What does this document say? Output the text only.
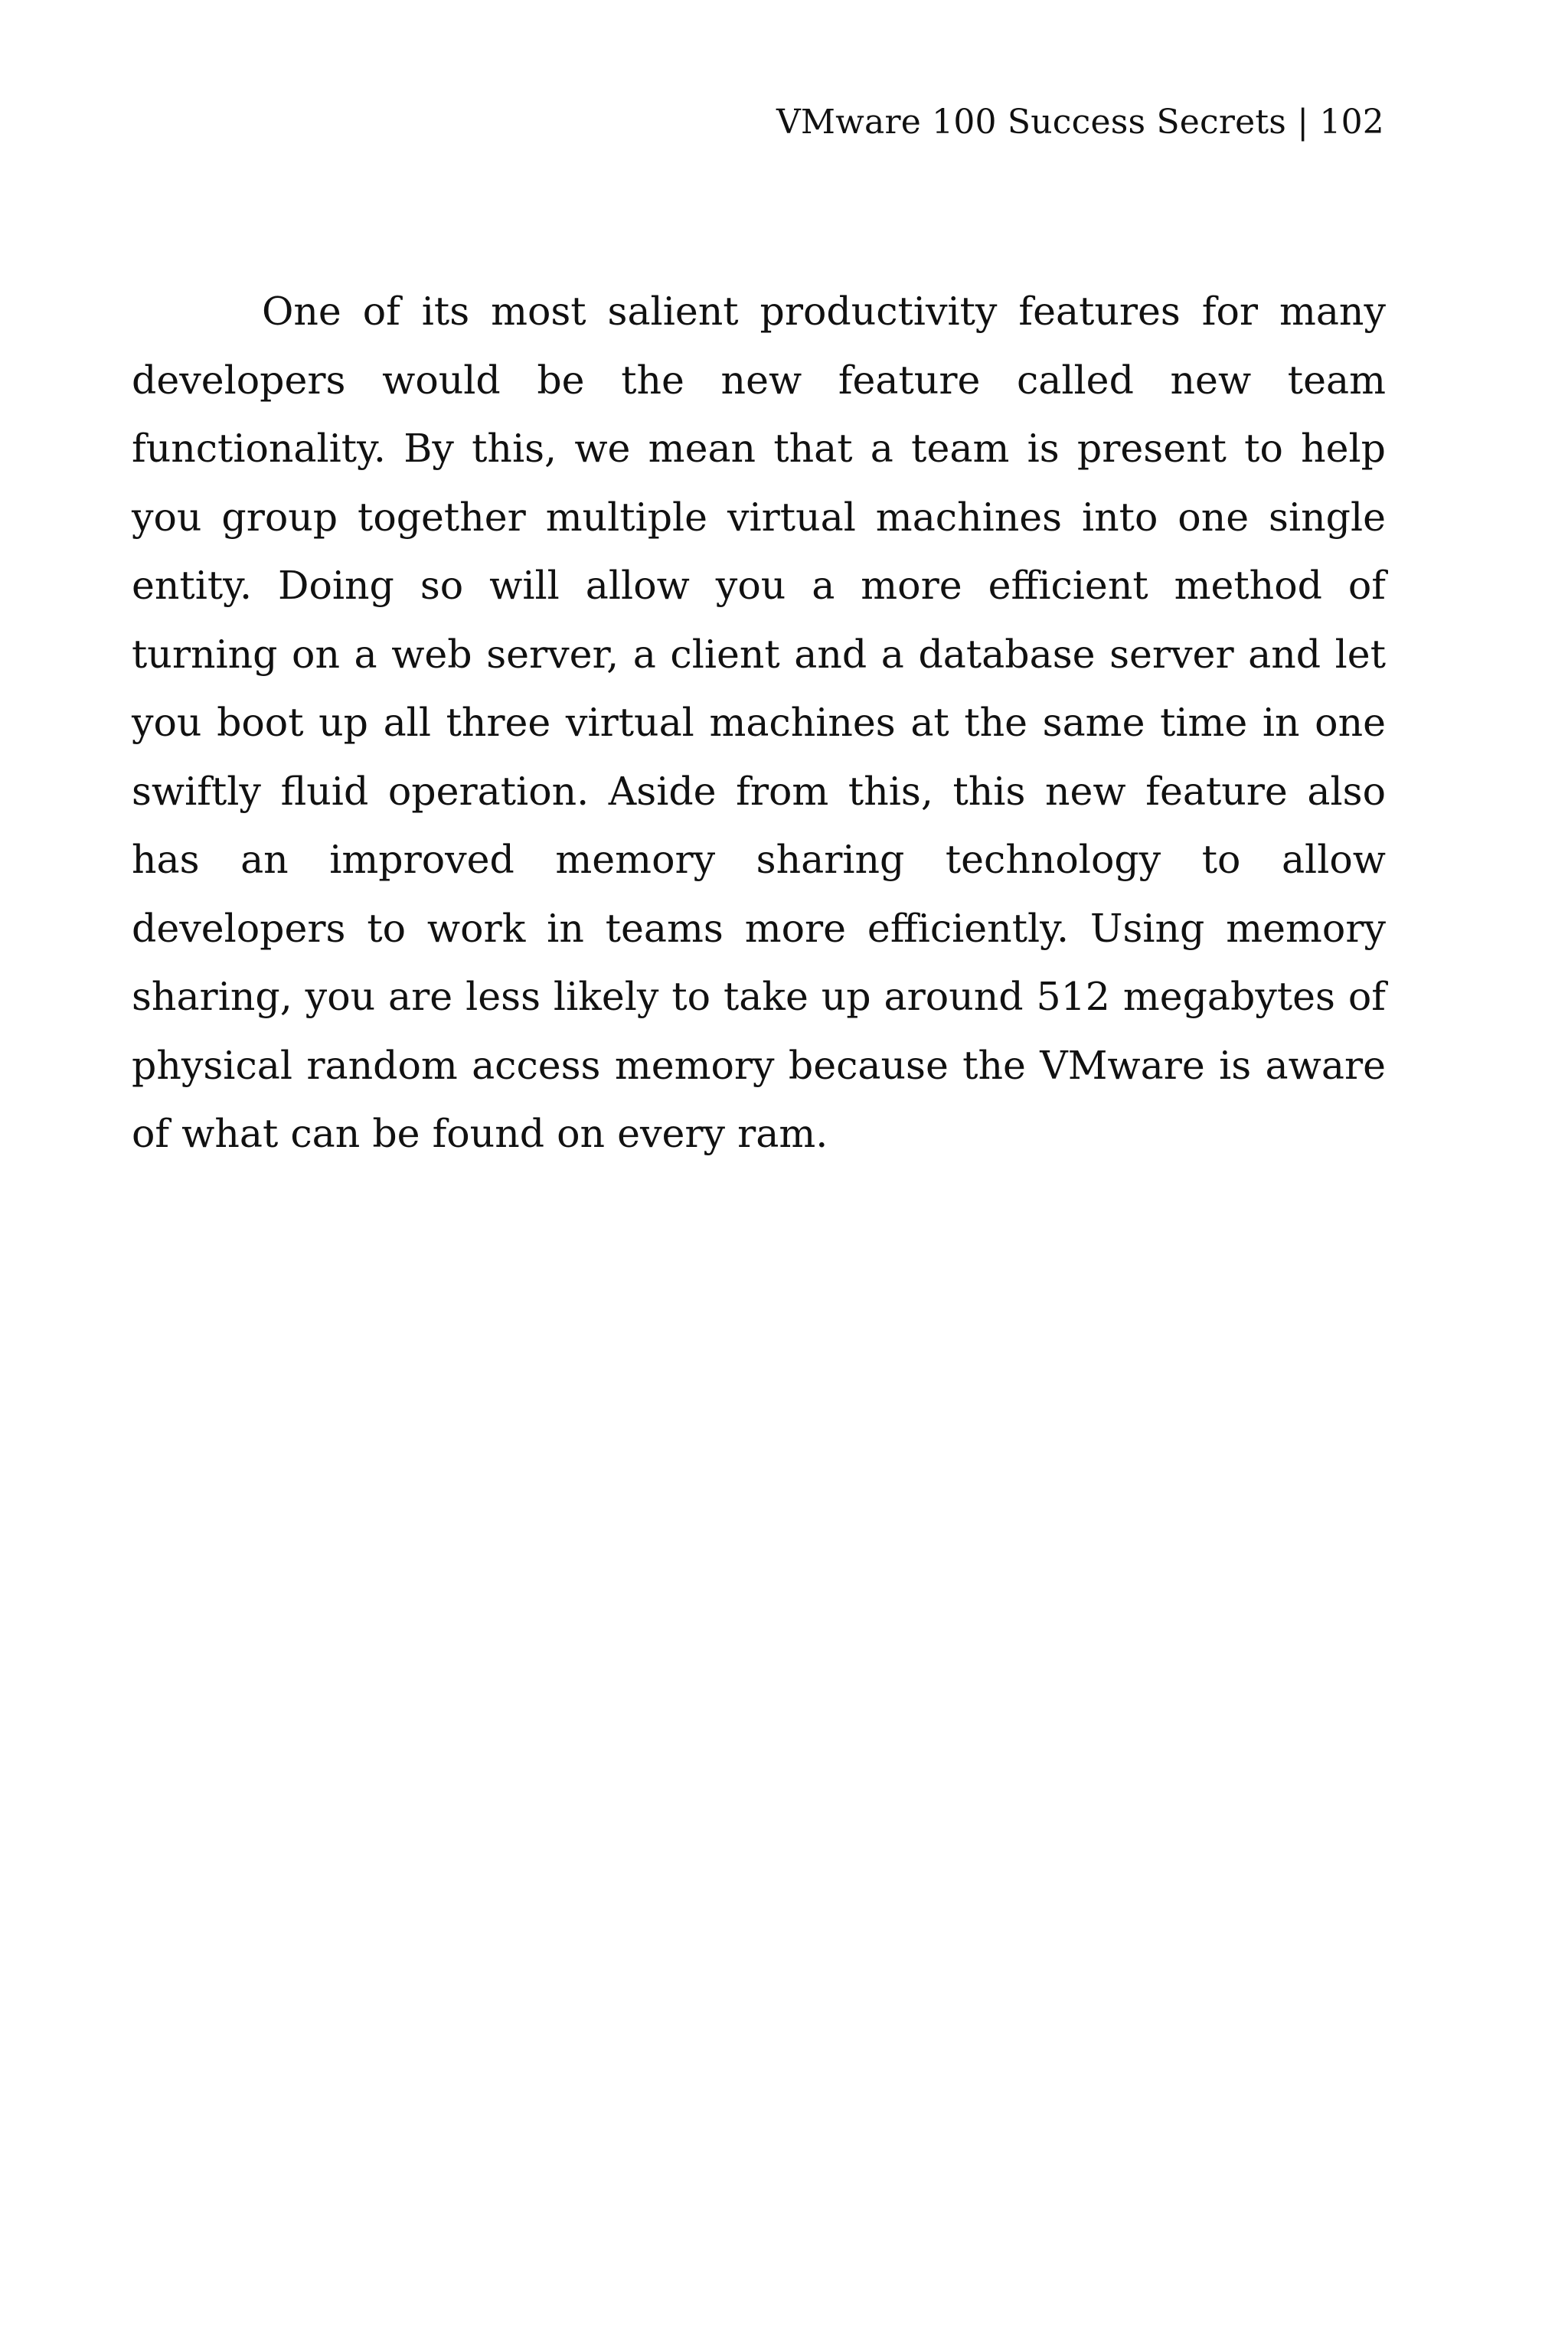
VMware 100 Success Secrets | 102

One of its most salient productivity features for many developers would be the new feature called new team functionality. By this, we mean that a team is present to help you group together multiple virtual machines into one single entity. Doing so will allow you a more efficient method of turning on a web server, a client and a database server and let you boot up all three virtual machines at the same time in one swiftly fluid operation. Aside from this, this new feature also has an improved memory sharing technology to allow developers to work in teams more efficiently. Using memory sharing, you are less likely to take up around 512 megabytes of physical random access memory because the VMware is aware of what can be found on every ram.
